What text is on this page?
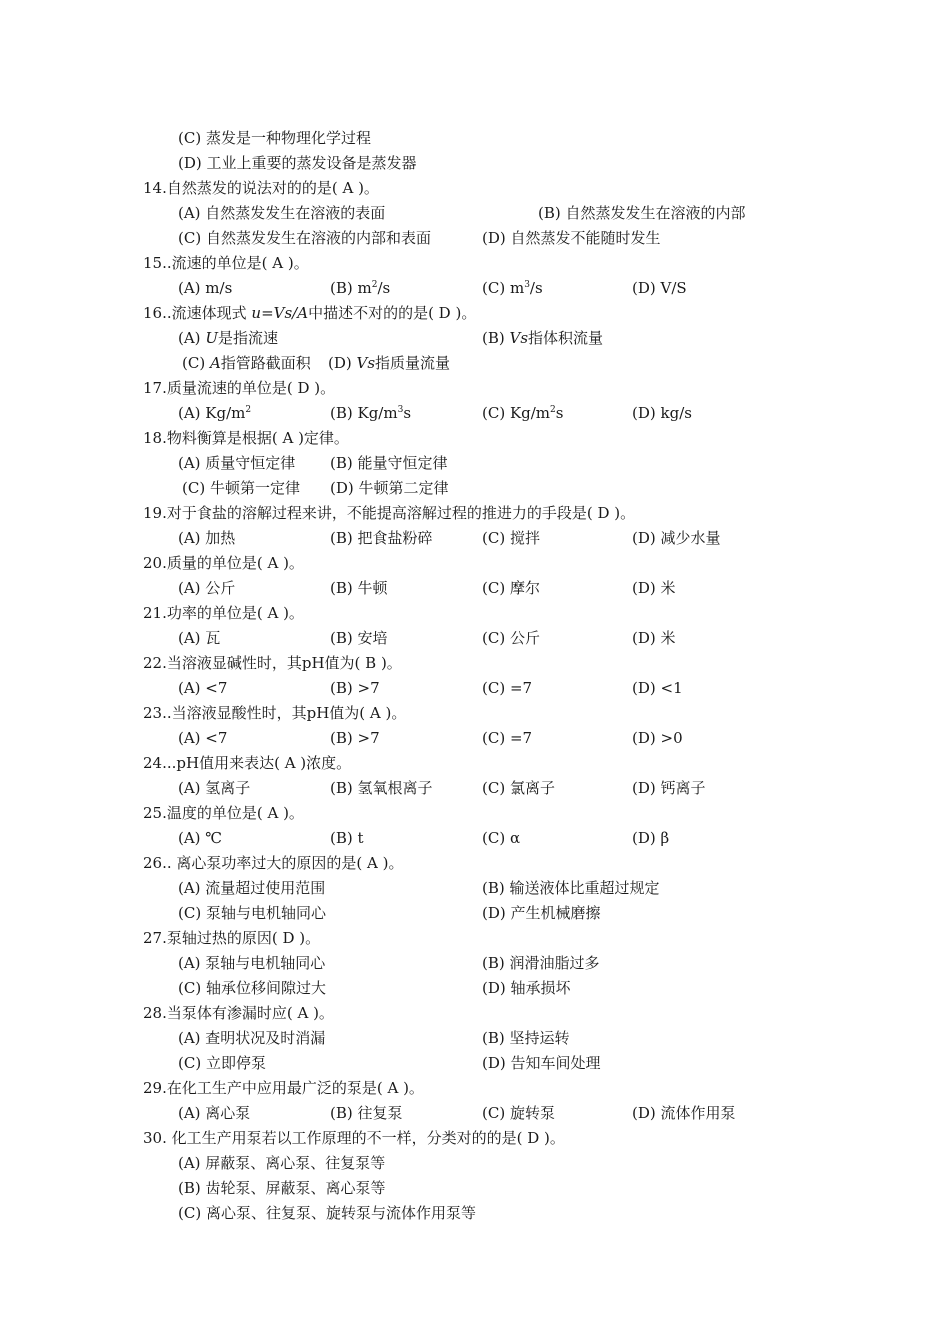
(C) 蒸发是一种物理化学过程
(D) 工业上重要的蒸发设备是蒸发器
14.自然蒸发的说法对的的是( A )。
(A) 自然蒸发发生在溶液的表面	(B) 自然蒸发发生在溶液的内部
(C) 自然蒸发发生在溶液的内部和表面	(D) 自然蒸发不能随时发生
15..流速的单位是( A )。
(A) m/s	(B) $m^2/s$	(C) $m^3/s$	(D) V/S
16..流速体现式 u=Vs/A中描述不对的的是( D )。
(A) U是指流速	(B) Vs指体积流量
(C) A指管路截面积 (D) Vs指质量流量
17.质量流速的单位是( D )。
(A) $Kg/m^2$	(B) $Kg/m^3s$	(C) $Kg/m^2s$	(D) kg/s
18.物料衡算是根据( A )定律。
(A) 质量守恒定律 (B) 能量守恒定律
(C) 牛顿第一定律 (D) 牛顿第二定律
19.对于食盐的溶解过程来讲，不能提高溶解过程的推进力的手段是( D )。
(A) 加热	(B) 把食盐粉碎	(C) 搅拌	(D) 减少水量
20.质量的单位是( A )。
(A) 公斤	(B) 牛顿	(C) 摩尔	(D) 米
21.功率的单位是( A )。
(A) 瓦	(B) 安培	(C) 公斤	(D) 米
22.当溶液显碱性时，其pH值为( B )。
(A) <7	(B) >7	(C) =7	(D) <1
23..当溶液显酸性时，其pH值为( A )。
(A) <7	(B) >7	(C) =7	(D) >0
24...pH值用来表达( A )浓度。
(A) 氢离子	(B) 氢氧根离子	(C) 氯离子	(D) 钙离子
25.温度的单位是( A )。
(A) ℃	(B) t	(C) α	(D) β
26.. 离心泵功率过大的原因的是( A )。
(A) 流量超过使用范围	(B) 输送液体比重超过规定
(C) 泵轴与电机轴同心	(D) 产生机械磨擦
27.泵轴过热的原因( D )。
(A) 泵轴与电机轴同心	(B) 润滑油脂过多
(C) 轴承位移间隙过大	(D) 轴承损坏
28.当泵体有渗漏时应( A )。
(A) 查明状况及时消漏	(B) 坚持运转
(C) 立即停泵	(D) 告知车间处理
29.在化工生产中应用最广泛的泵是( A )。
(A) 离心泵	(B) 往复泵	(C) 旋转泵	(D) 流体作用泵
30. 化工生产用泵若以工作原理的不一样，分类对的的是( D )。
(A) 屏蔽泵、离心泵、往复泵等
(B) 齿轮泵、屏蔽泵、离心泵等
(C) 离心泵、往复泵、旋转泵与流体作用泵等
